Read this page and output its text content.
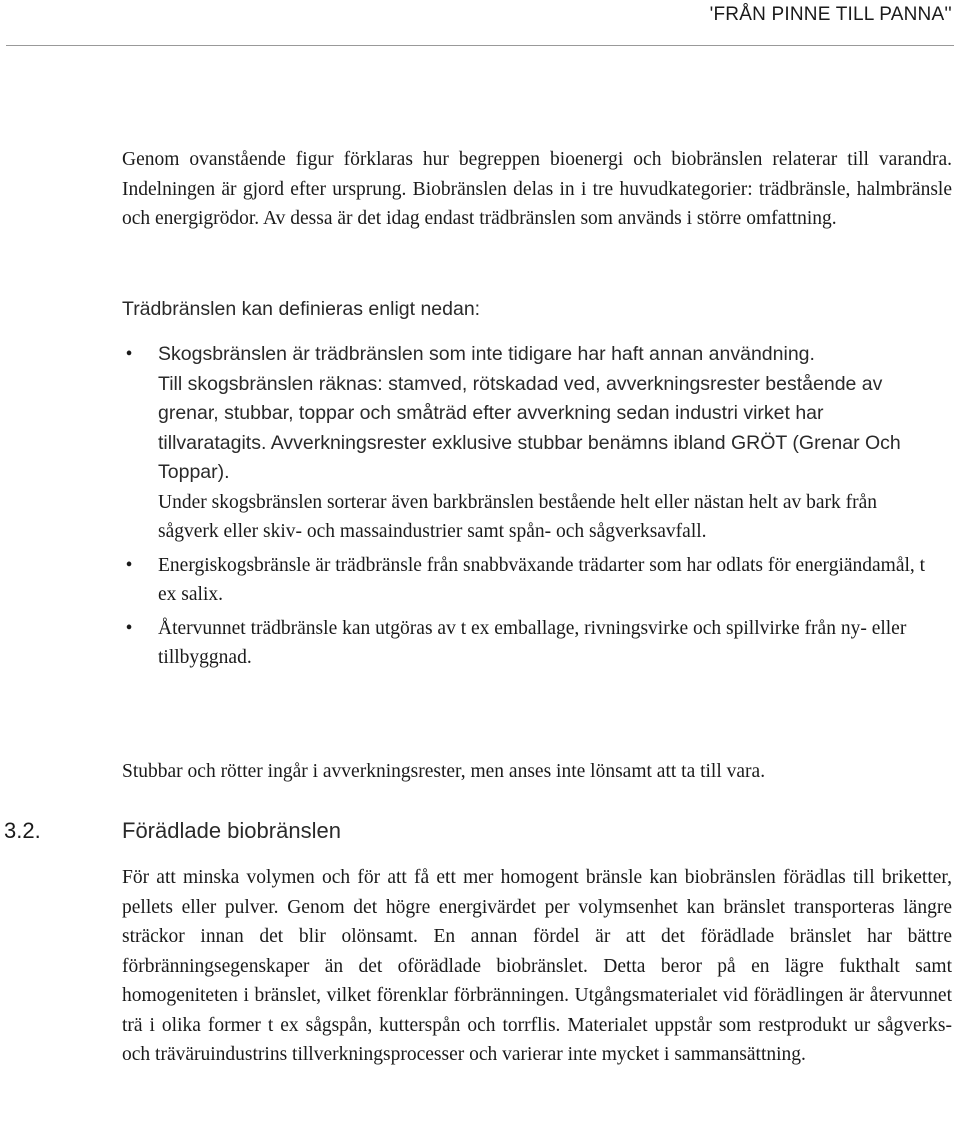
'FRÅN PINNE TILL PANNA''

Genom ovanstående figur förklaras hur begreppen bioenergi och biobränslen relaterar till varandra. Indelningen är gjord efter ursprung. Biobränslen delas in i tre huvudkategorier: trädbränsle, halmbränsle och energigrödor. Av dessa är det idag endast trädbränslen som används i större omfattning.

Trädbränslen kan definieras enligt nedan:

• Skogsbränslen är trädbränslen som inte tidigare har haft annan användning.
Till skogsbränslen räknas: stamved, rötskadad ved, avverkningsrester bestående av grenar, stubbar, toppar och småträd efter avverkning sedan industri virket har tillvaratagits. Avverkningsrester exklusive stubbar benämns ibland GRÖT (Grenar Och Toppar).
Under skogsbränslen sorterar även barkbränslen bestående helt eller nästan helt av bark från sågverk eller skiv- och massaindustrier samt spån- och sågverksavfall.
• Energiskogsbränsle är trädbränsle från snabbväxande trädarter som har odlats för energiändamål, t ex salix.
• Återvunnet trädbränsle kan utgöras av t ex emballage, rivningsvirke och spillvirke från ny- eller tillbyggnad.

Stubbar och rötter ingår i avverkningsrester, men anses inte lönsamt att ta till vara.

3.2.	Förädlade biobränslen

För att minska volymen och för att få ett mer homogent bränsle kan biobränslen förädlas till briketter, pellets eller pulver. Genom det högre energivärdet per volymsenhet kan bränslet transporteras längre sträckor innan det blir olönsamt. En annan fördel är att det förädlade bränslet har bättre förbränningsegenskaper än det oförädlade biobränslet. Detta beror på en lägre fukthalt samt homogeniteten i bränslet, vilket förenklar förbränningen. Utgångsmaterialet vid förädlingen är återvunnet trä i olika former t ex sågspån, kutterspån och torrflis. Materialet uppstår som restprodukt ur sågverks- och träväruindustrins tillverkningsprocesser och varierar inte mycket i sammansättning.
